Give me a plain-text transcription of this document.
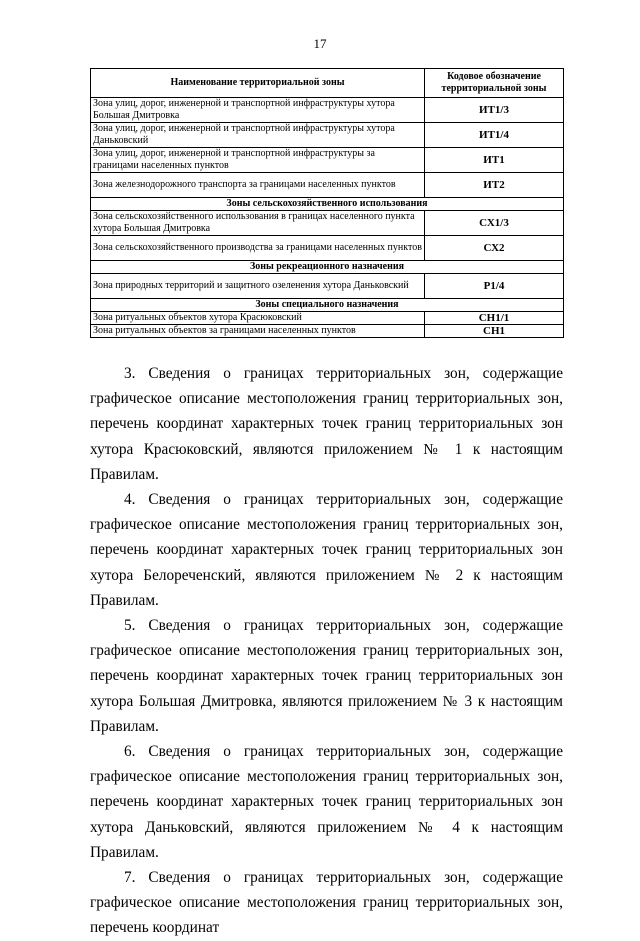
17
Наименование территориальной зоны	Кодовое обозначение территориальной зоны
Зона улиц, дорог, инженерной и транспортной инфраструктуры хутора Большая Дмитровка	ИТ1/3
Зона улиц, дорог, инженерной и транспортной инфраструктуры хутора Даньковский	ИТ1/4
Зона улиц, дорог, инженерной и транспортной инфраструктуры за границами населенных пунктов	ИТ1
Зона железнодорожного транспорта за границами населенных пунктов	ИТ2
Зоны сельскохозяйственного использования	
Зона сельскохозяйственного использования в границах населенного пункта хутора Большая Дмитровка	СХ1/3
Зона сельскохозяйственного производства за границами населенных пунктов	СХ2
Зоны рекреационного назначения	
Зона природных территорий и защитного озеленения хутора Даньковский	Р1/4
Зоны специального назначения	
Зона ритуальных объектов хутора Красюковский	СН1/1
Зона ритуальных объектов за границами населенных пунктов	СН1

3. Сведения о границах территориальных зон, содержащие графическое описание местоположения границ территориальных зон, перечень координат характерных точек границ территориальных зон хутора Красюковский, являются приложением № 1 к настоящим Правилам.

4. Сведения о границах территориальных зон, содержащие графическое описание местоположения границ территориальных зон, перечень координат характерных точек границ территориальных зон хутора Белореченский, являются приложением № 2 к настоящим Правилам.

5. Сведения о границах территориальных зон, содержащие графическое описание местоположения границ территориальных зон, перечень координат характерных точек границ территориальных зон хутора Большая Дмитровка, являются приложением № 3 к настоящим Правилам.

6. Сведения о границах территориальных зон, содержащие графическое описание местоположения границ территориальных зон, перечень координат характерных точек границ территориальных зон хутора Даньковский, являются приложением № 4 к настоящим Правилам.

7. Сведения о границах территориальных зон, содержащие графическое описание местоположения границ территориальных зон, перечень координат
